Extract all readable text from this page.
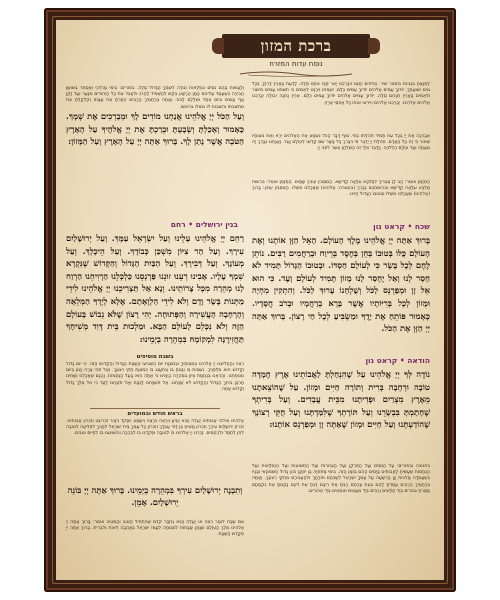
ברכת המזון
נוסח עדות המזרח
לַמְנַצֵּחַ בִּנְגִינֹת מִזְמוֹר שִׁיר. אֱלֹהִים יְחָנֵּנוּ וִיבָרְכֵנוּ יָאֵר פָּנָיו אִתָּנוּ סֶלָה. לָדַעַת בָּאָרֶץ דַּרְכֶּךָ בְּכָל גּוֹיִם יְשׁוּעָתֶךָ. יוֹדוּךָ עַמִּים אֱלֹהִים יוֹדוּךָ עַמִּים כֻּלָּם. יִשְׂמְחוּ וִירַנְּנוּ לְאֻמִּים כִּי תִשְׁפֹּט עַמִּים מִישׁוֹר וּלְאֻמִּים בָּאָרֶץ תַּנְחֵם סֶלָה. יוֹדוּךָ עַמִּים אֱלֹהִים יוֹדוּךָ עַמִּים כֻּלָּם. אֶרֶץ נָתְנָה יְבוּלָהּ יְבָרְכֵנוּ אֱלֹהִים אֱלֹהֵינוּ. יְבָרְכֵנוּ אֱלֹהִים וְיִירְאוּ אוֹתוֹ כָּל אַפְסֵי אָרֶץ.
אֲבָרְכָה אֶת יְיָ בְּכָל עֵת תָּמִיד תְּהִלָּתוֹ בְּפִי. סוֹף דָּבָר הַכֹּל נִשְׁמָע אֶת הָאֱלֹהִים יְרָא וְאֶת מִצְוֹתָיו שְׁמוֹר כִּי זֶה כָּל הָאָדָם. תְּהִלַּת יְיָ יְדַבֶּר פִּי וִיבָרֵךְ כָּל בָּשָׂר שֵׁם קָדְשׁוֹ לְעוֹלָם וָעֶד. וַאֲנַחְנוּ נְבָרֵךְ יָהּ מֵעַתָּה וְעַד עוֹלָם הַלְלוּיָהּ. וַיְדַבֵּר אֵלַי זֶה הַשֻּׁלְחָן אֲשֶׁר לִפְנֵי יְיָ.
הַמְזַמֵּן אוֹמֵר: הַב לָן וְנִבְרִיךְ לְמַלְכָּא עִלָּאָה קַדִּישָׁא. הַמְּסֻבִּין עוֹנִין: שָׁמַיִם. הַמְזַמֵּן אוֹמֵר: בִּרְשׁוּת מַלְכָּא עִלָּאָה קַדִּישָׁא וּבִרְשׁוּתְכֶם נְבָרֵךְ (בעשרה: אֱלֹהֵינוּ) שֶׁאָכַלְנוּ מִשֶּׁלּוֹ. הַמְּסֻבִּין עוֹנִין: בָּרוּךְ (אֱלֹהֵינוּ) שֶׁאָכַלְנוּ מִשֶּׁלּוֹ וּבְטוּבוֹ הַגָּדוֹל חָיִינוּ.
שכח • קראט נון
בָּרוּךְ אַתָּה יְיָ אֱלֹהֵינוּ מֶלֶךְ הָעוֹלָם. הָאֵל הַזָּן אוֹתָנוּ וְאֶת הָעוֹלָם כֻּלּוֹ בְּטוּבוֹ בְּחֵן בְּחֶסֶד בְּרֵיוַח וּבְרַחֲמִים רַבִּים. נוֹתֵן לֶחֶם לְכָל בָּשָׂר כִּי לְעוֹלָם חַסְדּוֹ. וּבְטוּבוֹ הַגָּדוֹל תָּמִיד לֹא חָסַר לָנוּ וְאַל יֶחְסַר לָנוּ מָזוֹן תָּמִיד לְעוֹלָם וָעֶד. כִּי הוּא אֵל זָן וּמְפַרְנֵס לַכֹּל וְשֻׁלְחָנוֹ עָרוּךְ לַכֹּל. וְהִתְקִין מִחְיָה וּמָזוֹן לְכָל בְּרִיּוֹתָיו אֲשֶׁר בָּרָא בְרַחֲמָיו וּבְרֹב חֲסָדָיו. כָּאָמוּר פּוֹתֵחַ אֶת יָדֶךָ וּמַשְׂבִּיעַ לְכָל חַי רָצוֹן. בָּרוּךְ אַתָּה יְיָ הַזָּן אֶת הַכֹּל.
הודאה • קראט נון
נוֹדֶה לְּךָ יְיָ אֱלֹהֵינוּ עַל שֶׁהִנְחַלְתָּ לַאֲבוֹתֵינוּ אֶרֶץ חֶמְדָּה טוֹבָה וּרְחָבָה בְּרִית וְתוֹרָה חַיִּים וּמָזוֹן. עַל שֶׁהוֹצֵאתָנוּ מֵאֶרֶץ מִצְרַיִם וּפְדִיתָנוּ מִבֵּית עֲבָדִים. וְעַל בְּרִיתְךָ שֶׁחָתַמְתָּ בִּבְשָׂרֵנוּ וְעַל תּוֹרָתְךָ שֶׁלִּמַּדְתָּנוּ וְעַל חֻקֵּי רְצוֹנָךְ שֶׁהוֹדַעְתָּנוּ וְעַל חַיִּים וּמָזוֹן שֶׁאַתָּה זָן וּמְפַרְנֵס אוֹתָנוּ:
בחנוכה ובפורים: עַל הַנִּסִּים וְעַל הַפֻּרְקָן וְעַל הַגְּבוּרוֹת וְעַל הַתְּשׁוּעוֹת וְעַל הַנִּפְלָאוֹת וְעַל הַנֶּחָמוֹת שֶׁעָשִׂיתָ לַאֲבוֹתֵינוּ בַּיָּמִים הָהֵם בִּזְּמַן הַזֶּה. בִּימֵי מַתִּתְיָה בֶן יוֹחָנָן כֹּהֵן גָּדוֹל חַשְׁמוֹנָאִי וּבָנָיו כְּשֶׁעָמְדָה מַלְכוּת יָוָן הָרְשָׁעָה עַל עַמְּךָ יִשְׂרָאֵל לְשַׁכְּחָם תּוֹרָתָךְ וּלְהַעֲבִירָם מֵחֻקֵּי רְצוֹנָךְ. וְאַתָּה בְּרַחֲמֶיךָ הָרַבִּים עָמַדְתָּ לָהֶם בְּעֵת צָרָתָם רַבְתָּ אֶת רִיבָם דַּנְתָּ אֶת דִּינָם נָקַמְתָּ אֶת נִקְמָתָם מָסַרְתָּ גִבּוֹרִים בְּיַד חַלָּשִׁים וְרַבִּים בְּיַד מְעַטִּים וּטְמֵאִים בְּיַד טְהוֹרִים.
וְלַעֲשׂוֹת בָּהֶם נִסִּים וְנִפְלָאוֹת וְנוֹדֶה לְשִׁמְךָ הַגָּדוֹל סֶלָה. בפורים: בִּימֵי מָרְדְּכַי וְאֶסְתֵּר בְּשׁוּשַׁן הַבִּירָה כְּשֶׁעָמַד עֲלֵיהֶם הָמָן הָרָשָׁע בִּקֵּשׁ לְהַשְׁמִיד לַהֲרֹג וּלְאַבֵּד אֶת כָּל הַיְּהוּדִים מִנַּעַר וְעַד זָקֵן טַף וְנָשִׁים בְּיוֹם אֶחָד וּשְׁלָלָם לָבוֹז. וְאַתָּה בְּרַחֲמֶיךָ הָרַבִּים הֵפַרְתָּ אֶת עֲצָתוֹ וְקִלְקַלְתָּ אֶת מַחֲשַׁבְתּוֹ וַהֲשֵׁבוֹתָ לּוֹ גְּמוּלוֹ בְּרֹאשׁוֹ.
וְעַל הַכֹּל יְיָ אֱלֹהֵינוּ אֲנַחְנוּ מוֹדִים לָךְ וּמְבָרְכִים אֶת שְׁמָךְ. כָּאָמוּר וְאָכַלְתָּ וְשָׂבָעְתָּ וּבֵרַכְתָּ אֶת יְיָ אֱלֹהֶיךָ עַל הָאָרֶץ הַטֹּבָה אֲשֶׁר נָתַן לָךְ. בָּרוּךְ אַתָּה יְיָ עַל הָאָרֶץ וְעַל הַמָּזוֹן:
בנין ירושלים • רחם
רַחֵם יְיָ אֱלֹהֵינוּ עָלֵינוּ וְעַל יִשְׂרָאֵל עַמָּךְ. וְעַל יְרוּשָׁלַיִם עִירָךְ. וְעַל הַר צִיּוֹן מִשְׁכַּן כְּבוֹדָךְ. וְעַל הֵיכָלָךְ. וְעַל מְעוֹנָךְ. וְעַל דְּבִירָךְ. וְעַל הַבַּיִת הַגָּדוֹל וְהַקָּדוֹשׁ שֶׁנִּקְרָא שִׁמְךָ עָלָיו. אָבִינוּ רְעֵנוּ זוּנֵנוּ פַּרְנְסֵנוּ כַּלְכְּלֵנוּ הַרְוִיחֵנוּ הַרְוַח לָנוּ מְהֵרָה מִכָּל צָרוֹתֵינוּ. וְנָא אַל תַּצְרִיכֵנוּ יְיָ אֱלֹהֵינוּ לִידֵי מַתְּנוֹת בָּשָׂר וָדָם וְלֹא לִידֵי הַלְוָאָתָם. אֶלָּא לְיָדְךָ הַמְּלֵאָה וְהָרְחָבָה הָעֲשִׁירָה וְהַפְּתוּחָה. יְהִי רָצוֹן שֶׁלֹּא נֵבוֹשׁ בָּעוֹלָם הַזֶּה וְלֹא נִכָּלֵם לָעוֹלָם הַבָּא. וּמַלְכוּת בֵּית דָּוִד מְשִׁיחָךְ תַּחֲזִירֶנָּה לִמְקוֹמָהּ בִּמְהֵרָה בְיָמֵינוּ:
בשבת מוסיפים
רְצֵה וְהַחֲלִיצֵנוּ יְיָ אֱלֹהֵינוּ בְּמִצְוֹתֶיךָ וּבְמִצְוַת יוֹם הַשְּׁבִיעִי הַשַּׁבָּת הַגָּדוֹל וְהַקָּדוֹשׁ הַזֶּה. כִּי יוֹם גָּדוֹל וְקָדוֹשׁ הוּא מִלְּפָנֶיךָ. נִשְׁבּוֹת בּוֹ וְנָנוּחַ בּוֹ וְנִתְעַנֵּג בּוֹ כְּמִצְוַת חֻקֵּי רְצוֹנָךְ. וְאַל תְּהִי צָרָה וְיָגוֹן בְּיוֹם מְנוּחָתֵנוּ. וְהַרְאֵנוּ בְּנֶחָמַת צִיּוֹן בִּמְהֵרָה בְיָמֵינוּ כִּי אַתָּה הוּא בַּעַל הַנֶּחָמוֹת. וַהֲגַם שֶׁאָכַלְנוּ וְשָׁתִינוּ חָרְבַּן בֵּיתְךָ הַגָּדוֹל וְהַקָּדוֹשׁ לֹא שָׁכַחְנוּ. אַל תִּשְׁכָּחֵנוּ לָנֶצַח וְאַל תִּזְנָחֵנוּ לָעַד כִּי אֵל מֶלֶךְ גָּדוֹל וְקָדוֹשׁ אָתָּה.
בראש חודש ובמועדים
אֱלֹהֵינוּ וֵאלֹהֵי אֲבוֹתֵינוּ יַעֲלֶה וְיָבֹא וְיַגִּיעַ וְיֵרָאֶה וְיֵרָצֶה וְיִשָּׁמַע וְיִפָּקֵד וְיִזָּכֵר זִכְרוֹנֵנוּ וְזִכְרוֹן אֲבוֹתֵינוּ. זִכְרוֹן יְרוּשָׁלַיִם עִירָךְ וְזִכְרוֹן מָשִׁיחַ בֶּן דָּוִד עַבְדָּךְ וְזִכְרוֹן כָּל עַמְּךָ בֵּית יִשְׂרָאֵל לְפָנֶיךָ לִפְלֵיטָה לְטוֹבָה לְחֵן לְחֶסֶד וּלְרַחֲמִים. זָכְרֵנוּ יְיָ אֱלֹהֵינוּ בּוֹ לְטוֹבָה וּפָקְדֵנוּ בוֹ לִבְרָכָה וְהוֹשִׁיעֵנוּ בוֹ לְחַיִּים טוֹבִים.
וְתִבְנֶה יְרוּשָׁלַיִם עִירְךָ בִּמְהֵרָה בְיָמֵינוּ. בָּרוּךְ אַתָּה יְיָ בּוֹנֵה יְרוּשָׁלָיִם. אָמֵן.
אִם שָׁכַח לוֹמַר רְצֵה אוֹ יַעֲלֶה וְיָבֹא וְנִזְכַּר קֹדֶם שֶׁהִתְחִיל הַטּוֹב וְהַמֵּטִיב אוֹמֵר: בָּרוּךְ אַתָּה יְיָ אֱלֹהֵינוּ מֶלֶךְ הָעוֹלָם שֶׁנָּתַן שַׁבָּתוֹת לִמְנוּחָה לְעַמּוֹ יִשְׂרָאֵל בְּאַהֲבָה לְאוֹת וְלִבְרִית. בָּרוּךְ אַתָּה יְיָ מְקַדֵּשׁ הַשַּׁבָּת.
